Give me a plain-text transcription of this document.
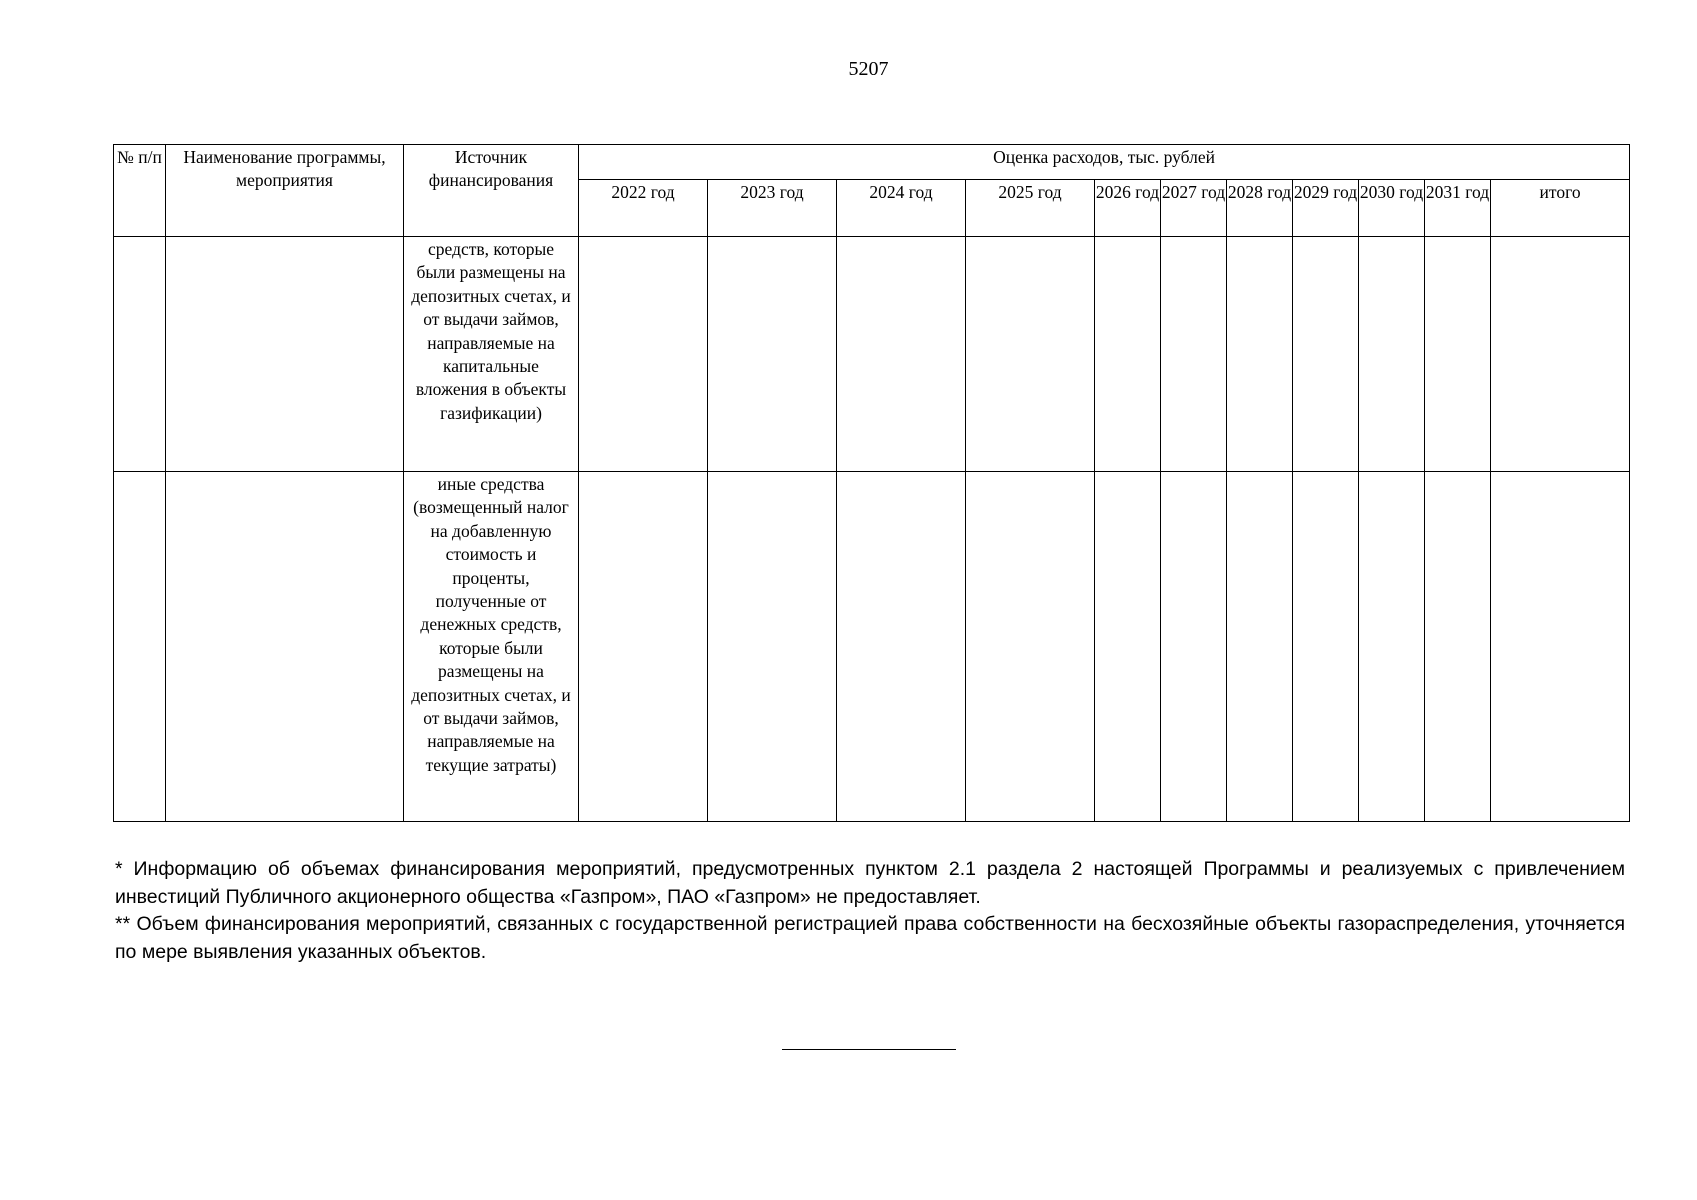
5207
№ п/п	Наименование программы, мероприятия	Источник финансирования	Оценка расходов, тыс. рублей										
			2022 год	2023 год	2024 год	2025 год	2026 год	2027 год	2028 год	2029 год	2030 год	2031 год	итого
		средств, которые были размещены на депозитных счетах, и от выдачи займов, направляемые на капитальные вложения в объекты газификации)											
		иные средства (возмещенный налог на добавленную стоимость и проценты, полученные от денежных средств, которые были размещены на депозитных счетах, и от выдачи займов, направляемые на текущие затраты)											

* Информацию об объемах финансирования мероприятий, предусмотренных пунктом 2.1 раздела 2 настоящей Программы и реализуемых с привлечением инвестиций Публичного акционерного общества «Газпром», ПАО «Газпром» не предоставляет.

** Объем финансирования мероприятий, связанных с государственной регистрацией права собственности на бесхозяйные объекты газораспределения, уточняется по мере выявления указанных объектов.
